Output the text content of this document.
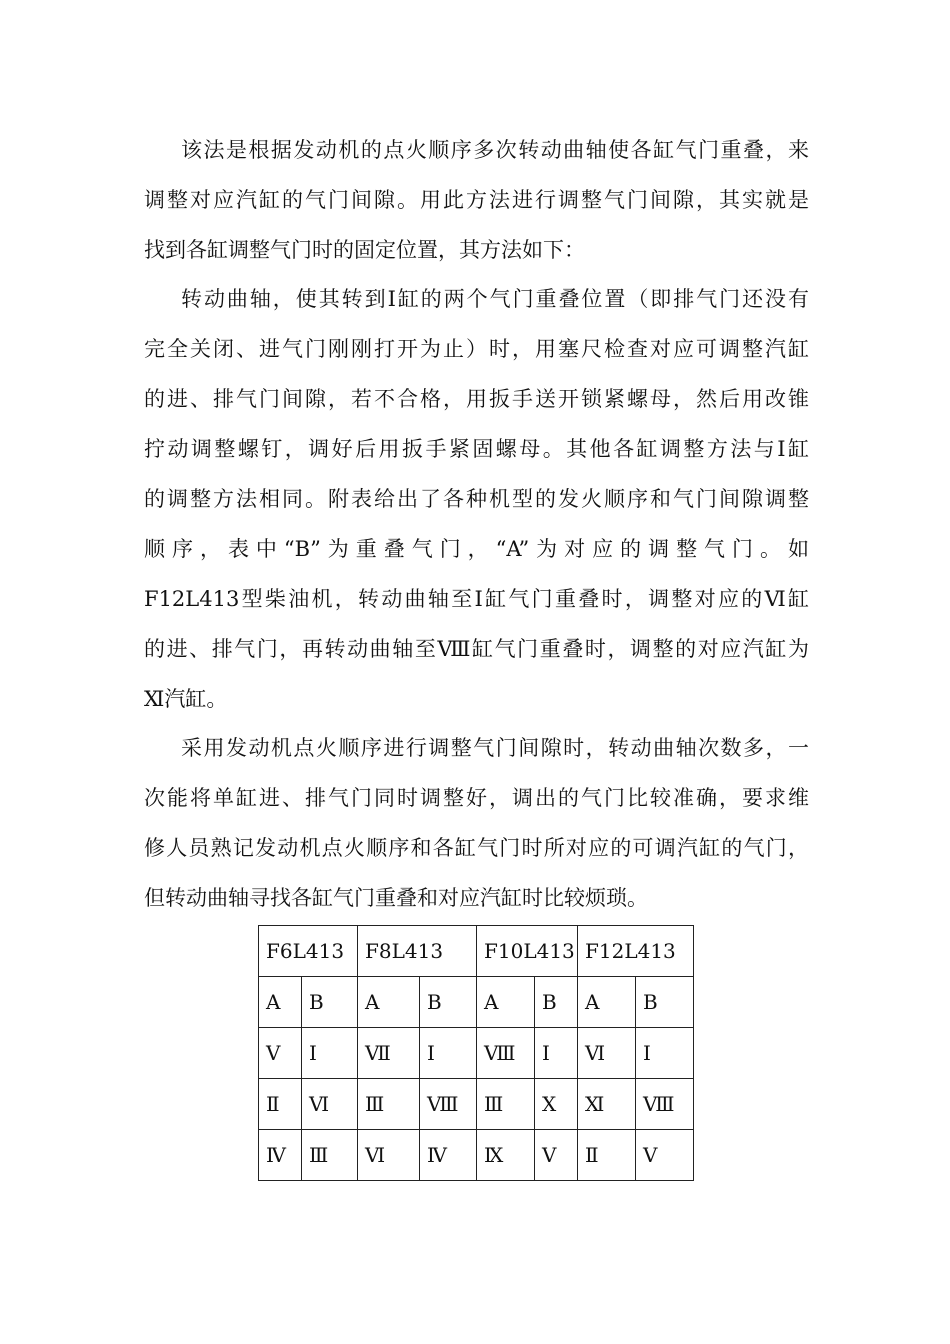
该法是根据发动机的点火顺序多次转动曲轴使各缸气门重叠，来
调整对应汽缸的气门间隙。用此方法进行调整气门间隙，其实就是
找到各缸调整气门时的固定位置，其方法如下：
转动曲轴，使其转到Ⅰ缸的两个气门重叠位置（即排气门还没有
完全关闭、进气门刚刚打开为止）时，用塞尺检查对应可调整汽缸
的进、排气门间隙，若不合格，用扳手送开锁紧螺母，然后用改锥
拧动调整螺钉，调好后用扳手紧固螺母。其他各缸调整方法与Ⅰ缸
的调整方法相同。附表给出了各种机型的发火顺序和气门间隙调整
顺序，表中“B”为重叠气门，“A”为对应的调整气门。如
F12L413型柴油机，转动曲轴至Ⅰ缸气门重叠时，调整对应的Ⅵ缸
的进、排气门，再转动曲轴至Ⅷ缸气门重叠时，调整的对应汽缸为
Ⅺ汽缸。
采用发动机点火顺序进行调整气门间隙时，转动曲轴次数多，一
次能将单缸进、排气门同时调整好，调出的气门比较准确，要求维
修人员熟记发动机点火顺序和各缸气门时所对应的可调汽缸的气门，
但转动曲轴寻找各缸气门重叠和对应汽缸时比较烦琐。
F6L413		F8L413		F10L413		F12L413	
A	B	A	B	A	B	A	B
Ⅴ	Ⅰ	Ⅶ	Ⅰ	Ⅷ	Ⅰ	Ⅵ	Ⅰ
Ⅱ	Ⅵ	Ⅲ	Ⅷ	Ⅲ	Ⅹ	Ⅺ	Ⅷ
Ⅳ	Ⅲ	Ⅵ	Ⅳ	Ⅸ	Ⅴ	Ⅱ	Ⅴ
